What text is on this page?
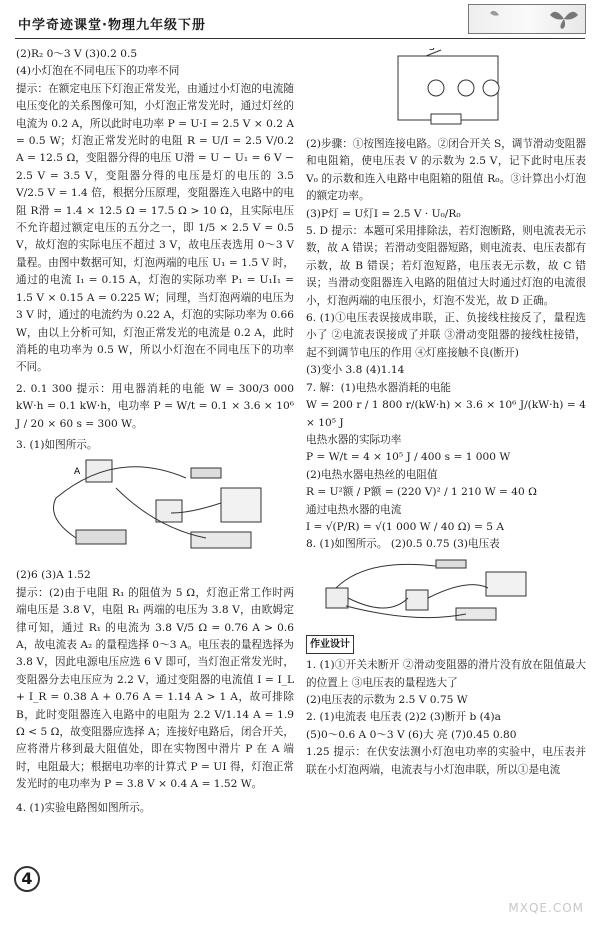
中学奇迹课堂·物理九年级下册
(2)R₂ 0～3 V (3)0.2 0.5
(4)小灯泡在不同电压下的功率不同
提示：在额定电压下灯泡正常发光，由通过小灯泡的电流随电压变化的关系图像可知，小灯泡正常发光时，通过灯丝的电流为 0.2 A，所以此时电功率 P = U·I = 2.5 V × 0.2 A = 0.5 W；灯泡正常发光时的电阻 R = U/I = 2.5 V/0.2 A = 12.5 Ω，变阻器分得的电压 U滑 = U − U₁ = 6 V − 2.5 V = 3.5 V，变阻器分得的电压是灯的电压的 3.5 V/2.5 V = 1.4 倍，根据分压原理，变阻器连入电路中的电阻 R滑 = 1.4 × 12.5 Ω = 17.5 Ω > 10 Ω，且实际电压不允许超过额定电压的五分之一，即 1/5 × 2.5 V = 0.5 V，故灯泡的实际电压不超过 3 V，故电压表选用 0～3 V 量程。由图中数据可知，灯泡两端的电压 U₁ = 1.5 V 时，通过的电流 I₁ = 0.15 A，灯泡的实际功率 P₁ = U₁I₁ = 1.5 V × 0.15 A = 0.225 W；同理，当灯泡两端的电压为 3 V 时，通过的电流约为 0.22 A，灯泡的实际功率为 0.66 W，由以上分析可知，灯泡正常发光的电流是 0.2 A，此时消耗的电功率为 0.5 W，所以小灯泡在不同电压下的功率不同。
2. 0.1 300 提示：用电器消耗的电能 W = 300/3 000 kW·h = 0.1 kW·h，电功率 P = W/t = 0.1 × 3.6 × 10⁶ J / 20 × 60 s = 300 W。
3. (1)如图所示。
A
(2)6 (3)A 1.52
提示：(2)由于电阻 R₁ 的阻值为 5 Ω，灯泡正常工作时两端电压是 3.8 V，电阻 R₁ 两端的电压为 3.8 V，由欧姆定律可知，通过 R₁ 的电流为 3.8 V/5 Ω = 0.76 A > 0.6 A，故电流表 A₂ 的量程选择 0～3 A。电压表的量程选择为 3.8 V，因此电源电压应选 6 V 即可，当灯泡正常发光时，变阻器分去电压应为 2.2 V，通过变阻器的电流值 I = I_L + I_R = 0.38 A + 0.76 A = 1.14 A > 1 A，故可排除 B，此时变阻器连入电路中的电阻为 2.2 V/1.14 A = 1.9 Ω < 5 Ω，故变阻器应选择 A；连接好电路后，闭合开关，应将滑片移到最大阻值处，即在实物图中滑片 P 在 A 端时，电阻最大；根据电功率的计算式 P = UI 得，灯泡正常发光时的电功率为 P = 3.8 V × 0.4 A = 1.52 W。
4. (1)实验电路图如图所示。
S
(2)步骤：①按图连接电路。②闭合开关 S，调节滑动变阻器和电阻箱，使电压表 V 的示数为 2.5 V，记下此时电压表 V₀ 的示数和连入电路中电阻箱的阻值 R₀。③计算出小灯泡的额定功率。
(3)P灯 = U灯I = 2.5 V · U₀/R₀
5. D 提示：本题可采用排除法，若灯泡断路，则电流表无示数，故 A 错误；若滑动变阻器短路，则电流表、电压表都有示数，故 B 错误；若灯泡短路，电压表无示数，故 C 错误；当滑动变阻器连入电路的阻值过大时通过灯泡的电流很小，灯泡两端的电压很小，灯泡不发光，故 D 正确。
6. (1)①电压表误接成串联，正、负接线柱接反了，量程选小了 ②电流表误接成了并联 ③滑动变阻器的接线柱接错，起不到调节电压的作用 ④灯座接触不良(断开)
(3)变小 3.8 (4)1.14
7. 解：(1)电热水器消耗的电能
W = 200 r / 1 800 r/(kW·h) × 3.6 × 10⁶ J/(kW·h) = 4 × 10⁵ J
电热水器的实际功率
P = W/t = 4 × 10⁵ J / 400 s = 1 000 W
(2)电热水器电热丝的电阻值
R = U²额 / P额 = (220 V)² / 1 210 W = 40 Ω
通过电热水器的电流
I = √(P/R) = √(1 000 W / 40 Ω) = 5 A
8. (1)如图所示。 (2)0.5 0.75 (3)电压表
作业设计
1. (1)①开关未断开 ②滑动变阻器的滑片没有放在阻值最大的位置上 ③电压表的量程选大了
(2)电压表的示数为 2.5 V 0.75 W
2. (1)电流表 电压表 (2)2 (3)断开 b (4)a
(5)0～0.6 A 0～3 V (6)大 亮 (7)0.45 0.80
1.25 提示：在伏安法测小灯泡电功率的实验中，电压表并联在小灯泡两端，电流表与小灯泡串联，所以①是电流
4
MXQE.COM
